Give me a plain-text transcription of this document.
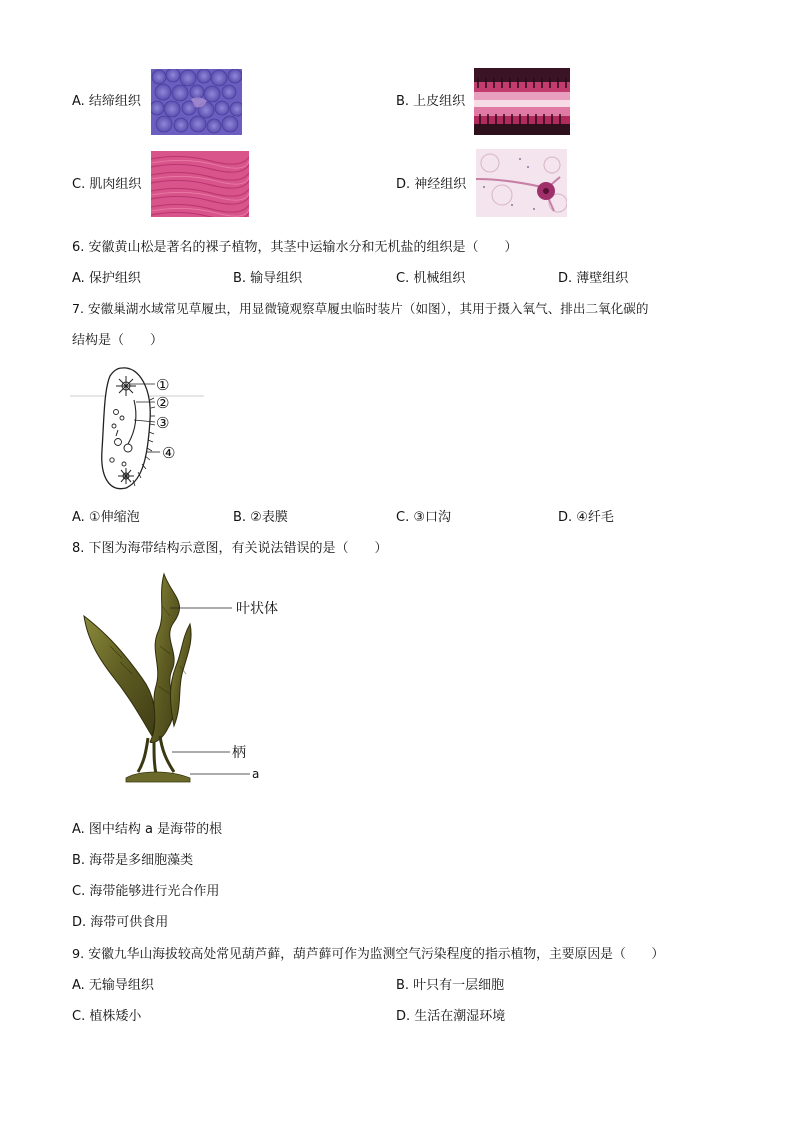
A. 结缔组织	B. 上皮组织
C. 肌肉组织	D. 神经组织
6. 安徽黄山松是著名的裸子植物，其茎中运输水分和无机盐的组织是（　　）
A. 保护组织	B. 输导组织	C. 机械组织	D. 薄壁组织
7. 安徽巢湖水域常见草履虫，用显微镜观察草履虫临时装片（如图），其用于摄入氧气、排出二氧化碳的
结构是（　　）
①
②
③
④
A. ①伸缩泡	B. ②表膜	C. ③口沟	D. ④纤毛
8. 下图为海带结构示意图，有关说法错误的是（　　）
叶状体
柄
a
A. 图中结构 a 是海带的根
B. 海带是多细胞藻类
C. 海带能够进行光合作用
D. 海带可供食用
9. 安徽九华山海拔较高处常见葫芦藓，葫芦藓可作为监测空气污染程度的指示植物，主要原因是（　　）
A. 无输导组织	B. 叶只有一层细胞
C. 植株矮小	D. 生活在潮湿环境
